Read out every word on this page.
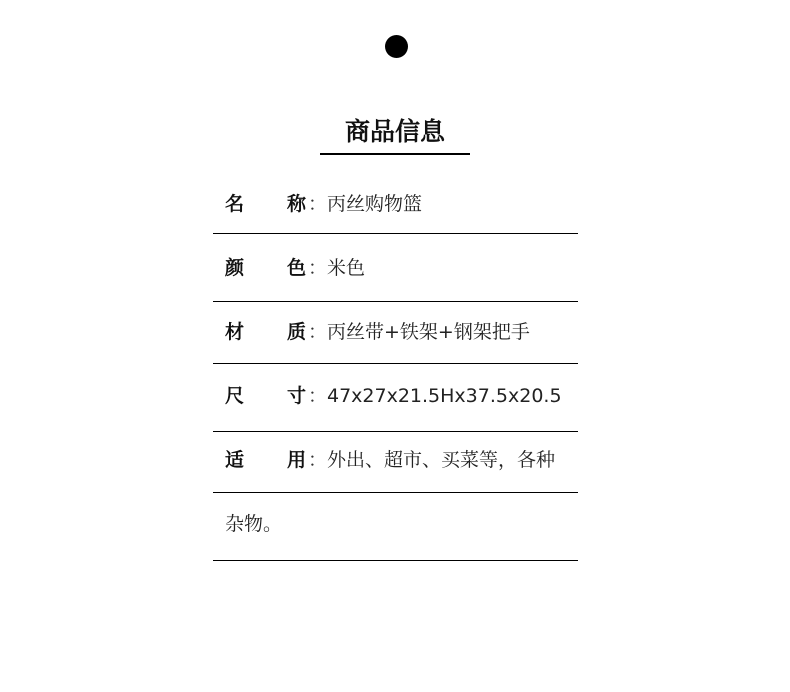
商品信息
名 称 ： 丙丝购物篮
颜 色 ： 米色
材 质 ： 丙丝带+铁架+钢架把手
尺 寸 ： 47x27x21.5Hx37.5x20.5
适 用 ： 外出、超市、买菜等，各种
杂物。
